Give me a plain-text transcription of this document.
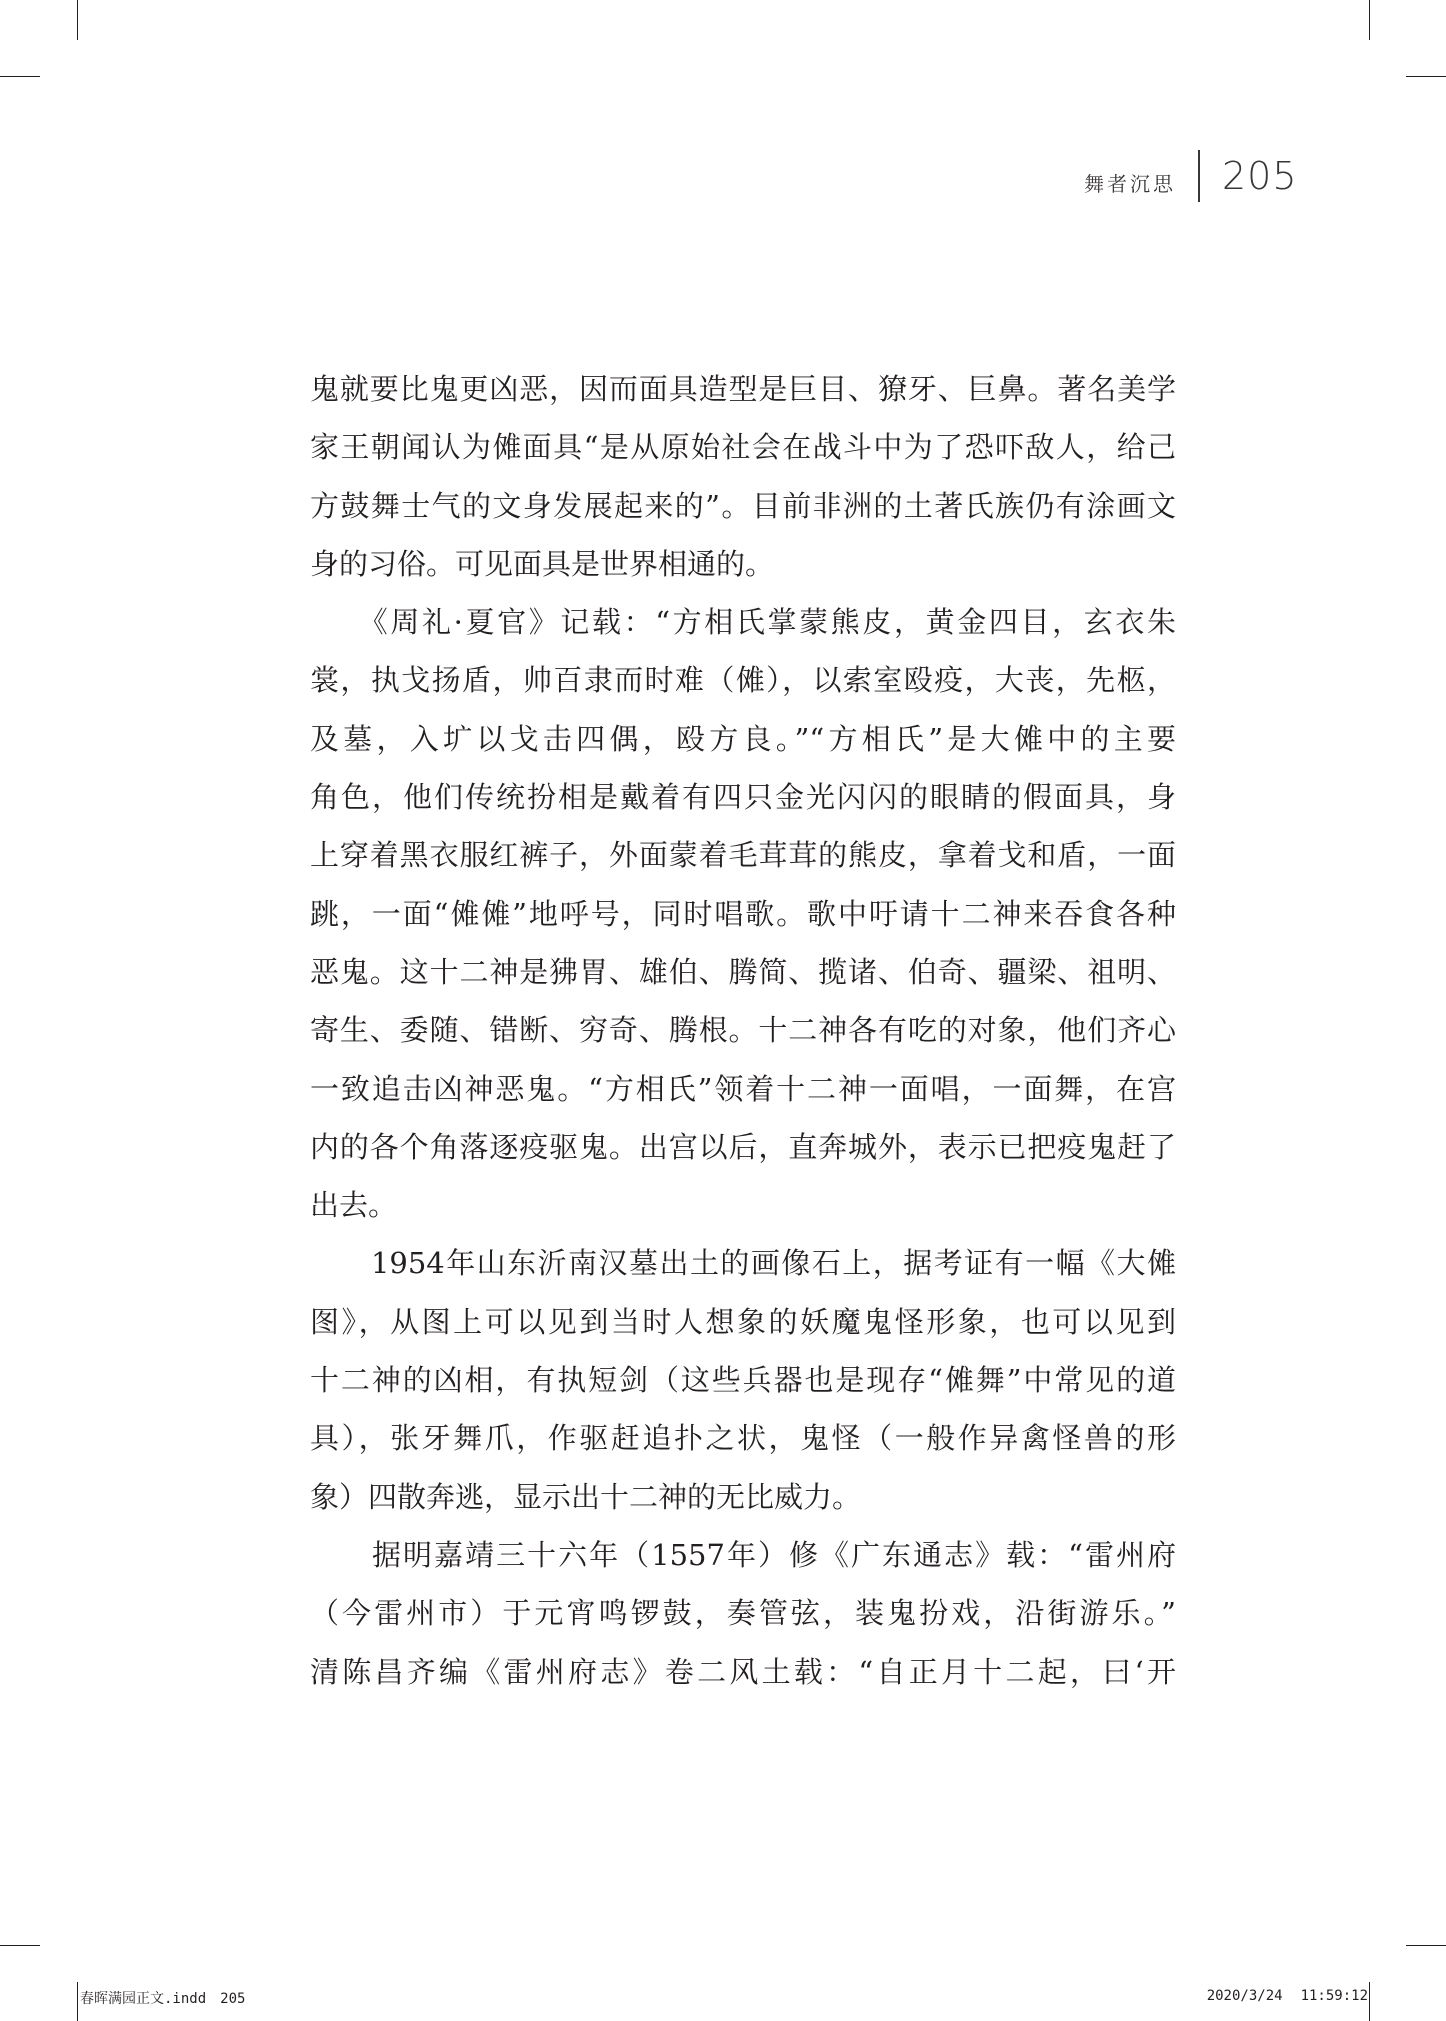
舞者沉思 205
鬼就要比鬼更凶恶，因而面具造型是巨目、獠牙、巨鼻。著名美学
家王朝闻认为傩面具“是从原始社会在战斗中为了恐吓敌人，给己
方鼓舞士气的文身发展起来的”。目前非洲的土著氏族仍有涂画文
身的习俗。可见面具是世界相通的。
　　《周礼·夏官》记载：“方相氏掌蒙熊皮，黄金四目，玄衣朱
裳，执戈扬盾，帅百隶而时难（傩），以索室殴疫，大丧，先柩，
及墓，入圹以戈击四偶，殴方良。”“方相氏”是大傩中的主要
角色，他们传统扮相是戴着有四只金光闪闪的眼睛的假面具，身
上穿着黑衣服红裤子，外面蒙着毛茸茸的熊皮，拿着戈和盾，一面
跳，一面“傩傩”地呼号，同时唱歌。歌中吁请十二神来吞食各种
恶鬼。这十二神是狒胃、雄伯、腾简、揽诸、伯奇、疆梁、祖明、
寄生、委随、错断、穷奇、腾根。十二神各有吃的对象，他们齐心
一致追击凶神恶鬼。“方相氏”领着十二神一面唱，一面舞，在宫
内的各个角落逐疫驱鬼。出宫以后，直奔城外，表示已把疫鬼赶了
出去。
　　1954年山东沂南汉墓出土的画像石上，据考证有一幅《大傩
图》，从图上可以见到当时人想象的妖魔鬼怪形象，也可以见到
十二神的凶相，有执短剑（这些兵器也是现存“傩舞”中常见的道
具），张牙舞爪，作驱赶追扑之状，鬼怪（一般作异禽怪兽的形
象）四散奔逃，显示出十二神的无比威力。
　　据明嘉靖三十六年（1557年）修《广东通志》载：“雷州府
（今雷州市）于元宵鸣锣鼓，奏管弦，装鬼扮戏，沿街游乐。”
清陈昌齐编《雷州府志》卷二风土载：“自正月十二起，曰‘开
春晖满园正文.indd　205	2020/3/24 11:59:12
